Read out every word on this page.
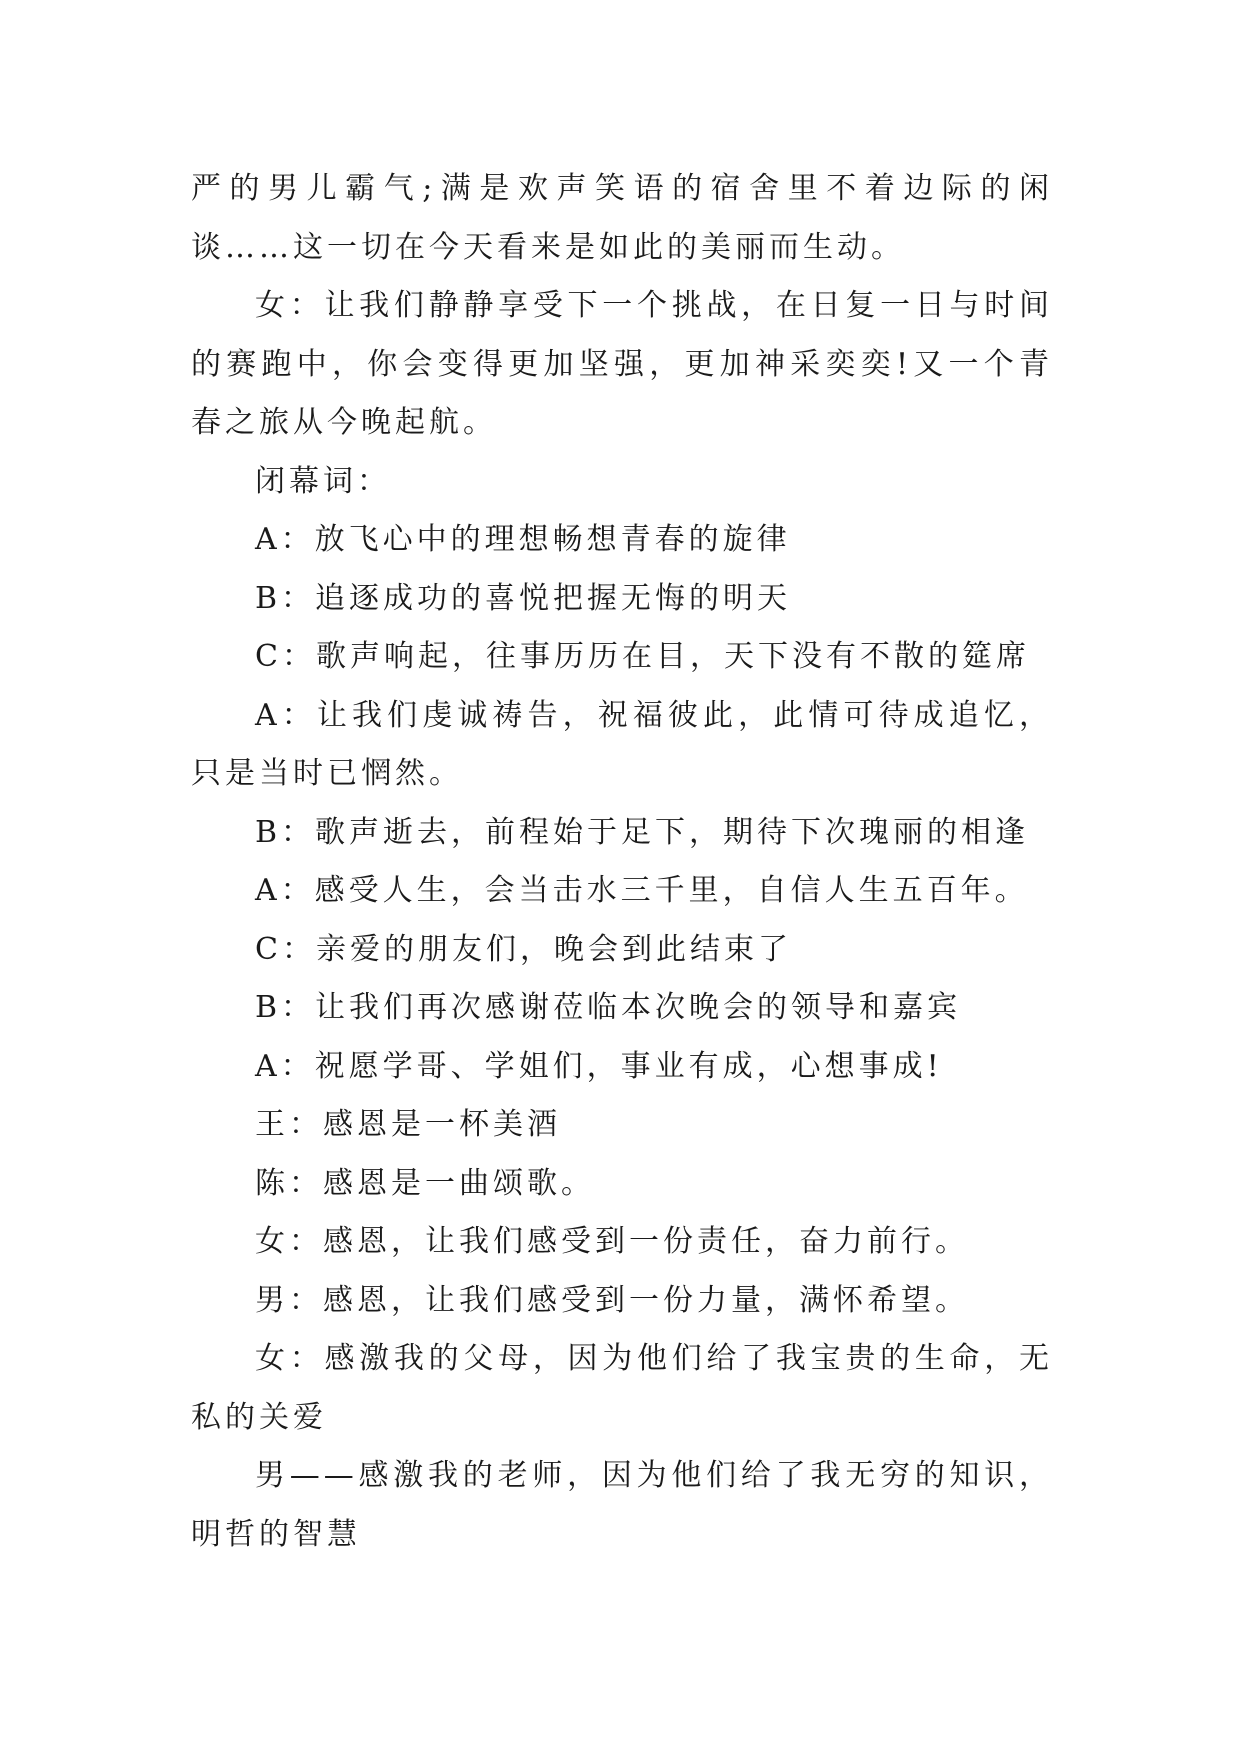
严的男儿霸气;满是欢声笑语的宿舍里不着边际的闲谈……这一切在今天看来是如此的美丽而生动。

女：让我们静静享受下一个挑战，在日复一日与时间的赛跑中，你会变得更加坚强，更加神采奕奕!又一个青春之旅从今晚起航。

闭幕词：

A：放飞心中的理想畅想青春的旋律

B：追逐成功的喜悦把握无悔的明天

C：歌声响起，往事历历在目，天下没有不散的筵席

A：让我们虔诚祷告，祝福彼此，此情可待成追忆，只是当时已惘然。

B：歌声逝去，前程始于足下，期待下次瑰丽的相逢

A：感受人生，会当击水三千里，自信人生五百年。

C：亲爱的朋友们，晚会到此结束了

B：让我们再次感谢莅临本次晚会的领导和嘉宾

A：祝愿学哥、学姐们，事业有成，心想事成!

王：感恩是一杯美酒

陈：感恩是一曲颂歌。

女：感恩，让我们感受到一份责任，奋力前行。

男：感恩，让我们感受到一份力量，满怀希望。

女：感激我的父母，因为他们给了我宝贵的生命，无私的关爱

男——感激我的老师，因为他们给了我无穷的知识，明哲的智慧
